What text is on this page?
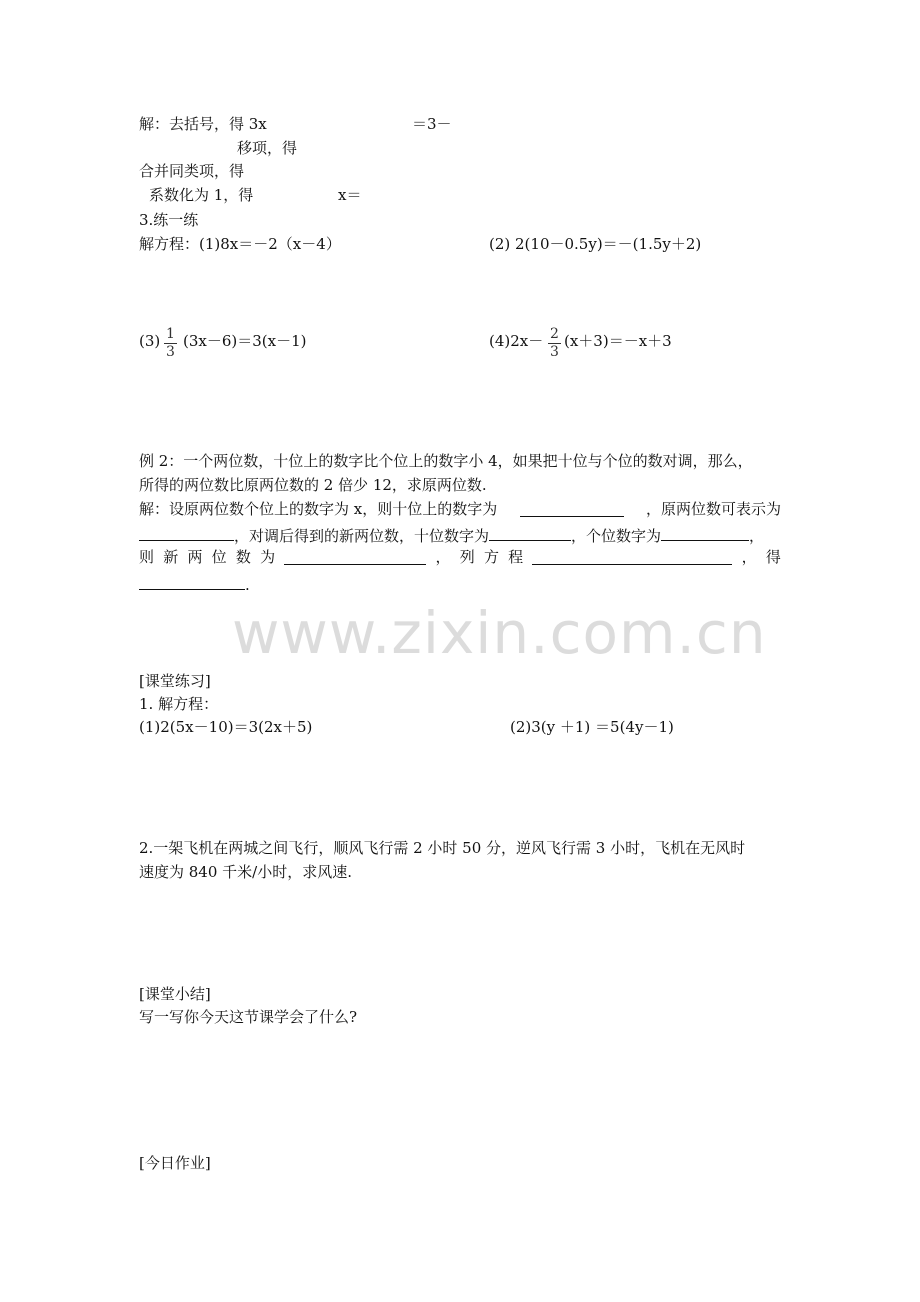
解：去括号，得 3x	＝3－
移项，得
合并同类项，得
系数化为 1，得	x＝
3.练一练
解方程：(1)8x＝－2（x－4）	(2) 2(10－0.5y)＝－(1.5y＋2)
(3) 1
3
(3x－6)＝3(x－1)	(4)2x－ 2
3
(x＋3)＝－x＋3
例 2：一个两位数，十位上的数字比个位上的数字小 4，如果把十位与个位的数对调，那么，
所得的两位数比原两位数的 2 倍少 12，求原两位数.
解：设原两位数个位上的数字为 x，则十位上的数字为	，原两位数可表示为
，对调后得到的新两位数，十位数字为	，个位数字为	，
则 新 两 位 数 为	， 列 方 程	， 得
.
www.zixin.com.cn
[课堂练习]
1. 解方程：
(1)2(5x－10)＝3(2x＋5)	(2)3(y ＋1) ＝5(4y－1)
2.一架飞机在两城之间飞行，顺风飞行需 2 小时 50 分，逆风飞行需 3 小时，飞机在无风时
速度为 840 千米/小时，求风速.
[课堂小结]
写一写你今天这节课学会了什么?
[今日作业]
